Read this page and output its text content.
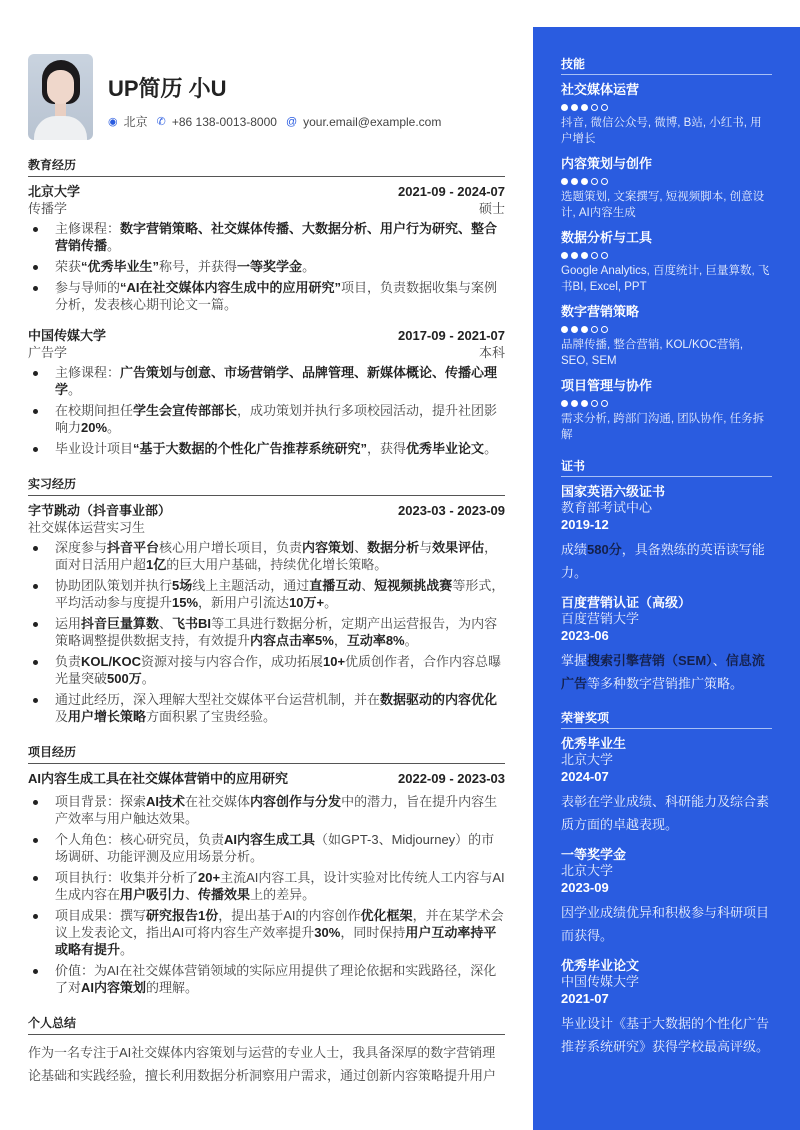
UP简历 小U
◉ 北京 ✆ +86 138-0013-8000 @ your.email@example.com
教育经历
北京大学	2021-09 - 2024-07
传播学	硕士
主修课程：数字营销策略、社交媒体传播、大数据分析、用户行为研究、整合营销传播。
荣获“优秀毕业生”称号，并获得一等奖学金。
参与导师的“AI在社交媒体内容生成中的应用研究”项目，负责数据收集与案例分析，发表核心期刊论文一篇。
中国传媒大学	2017-09 - 2021-07
广告学	本科
主修课程：广告策划与创意、市场营销学、品牌管理、新媒体概论、传播心理学。
在校期间担任学生会宣传部部长，成功策划并执行多项校园活动，提升社团影响力20%。
毕业设计项目“基于大数据的个性化广告推荐系统研究”，获得优秀毕业论文。
实习经历
字节跳动（抖音事业部）	2023-03 - 2023-09
社交媒体运营实习生
深度参与抖音平台核心用户增长项目，负责内容策划、数据分析与效果评估，面对日活用户超1亿的巨大用户基础，持续优化增长策略。
协助团队策划并执行5场线上主题活动，通过直播互动、短视频挑战赛等形式，平均活动参与度提升15%，新用户引流达10万+。
运用抖音巨量算数、飞书BI等工具进行数据分析，定期产出运营报告，为内容策略调整提供数据支持，有效提升内容点击率5%，互动率8%。
负责KOL/KOC资源对接与内容合作，成功拓展10+优质创作者，合作内容总曝光量突破500万。
通过此经历，深入理解大型社交媒体平台运营机制，并在数据驱动的内容优化及用户增长策略方面积累了宝贵经验。
项目经历
AI内容生成工具在社交媒体营销中的应用研究	2022-09 - 2023-03
项目背景：探索AI技术在社交媒体内容创作与分发中的潜力，旨在提升内容生产效率与用户触达效果。
个人角色：核心研究员，负责AI内容生成工具（如GPT-3、Midjourney）的市场调研、功能评测及应用场景分析。
项目执行：收集并分析了20+主流AI内容工具，设计实验对比传统人工内容与AI生成内容在用户吸引力、传播效果上的差异。
项目成果：撰写研究报告1份，提出基于AI的内容创作优化框架，并在某学术会议上发表论文，指出AI可将内容生产效率提升30%，同时保持用户互动率持平或略有提升。
价值：为AI在社交媒体营销领域的实际应用提供了理论依据和实践路径，深化了对AI内容策划的理解。
个人总结
作为一名专注于AI社交媒体内容策划与运营的专业人士，我具备深厚的数字营销理论基础和实践经验，擅长利用数据分析洞察用户需求，通过创新内容策略提升用户
技能
社交媒体运营
抖音, 微信公众号, 微博, B站, 小红书, 用户增长
内容策划与创作
选题策划, 文案撰写, 短视频脚本, 创意设计, AI内容生成
数据分析与工具
Google Analytics, 百度统计, 巨量算数, 飞书BI, Excel, PPT
数字营销策略
品牌传播, 整合营销, KOL/KOC营销, SEO, SEM
项目管理与协作
需求分析, 跨部门沟通, 团队协作, 任务拆解
证书
国家英语六级证书
教育部考试中心
2019-12
成绩580分，具备熟练的英语读写能力。
百度营销认证（高级）
百度营销大学
2023-06
掌握搜索引擎营销（SEM）、信息流广告等多种数字营销推广策略。
荣誉奖项
优秀毕业生
北京大学
2024-07
表彰在学业成绩、科研能力及综合素质方面的卓越表现。
一等奖学金
北京大学
2023-09
因学业成绩优异和积极参与科研项目而获得。
优秀毕业论文
中国传媒大学
2021-07
毕业设计《基于大数据的个性化广告推荐系统研究》获得学校最高评级。
